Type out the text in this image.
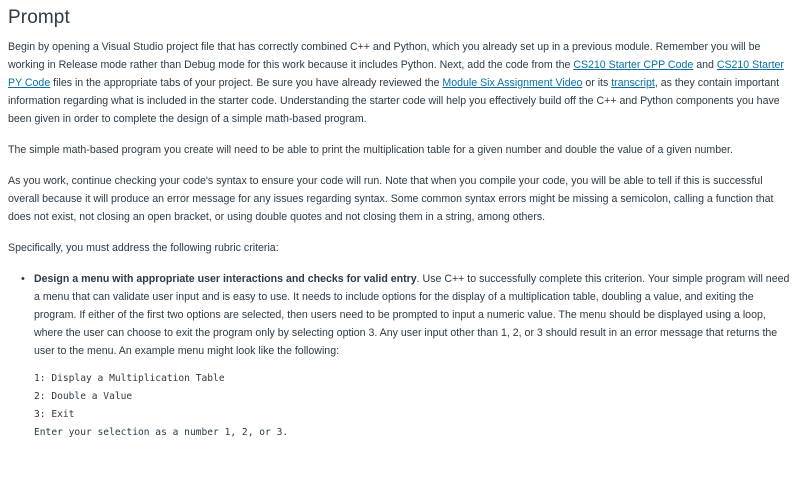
Prompt

Begin by opening a Visual Studio project file that has correctly combined C++ and Python, which you already set up in a previous module. Remember you will be working in Release mode rather than Debug mode for this work because it includes Python. Next, add the code from the CS210 Starter CPP Code and CS210 Starter PY Code files in the appropriate tabs of your project. Be sure you have already reviewed the Module Six Assignment Video or its transcript, as they contain important information regarding what is included in the starter code. Understanding the starter code will help you effectively build off the C++ and Python components you have been given in order to complete the design of a simple math-based program.

The simple math-based program you create will need to be able to print the multiplication table for a given number and double the value of a given number.

As you work, continue checking your code's syntax to ensure your code will run. Note that when you compile your code, you will be able to tell if this is successful overall because it will produce an error message for any issues regarding syntax. Some common syntax errors might be missing a semicolon, calling a function that does not exist, not closing an open bracket, or using double quotes and not closing them in a string, among others.

Specifically, you must address the following rubric criteria:

• Design a menu with appropriate user interactions and checks for valid entry. Use C++ to successfully complete this criterion. Your simple program will need a menu that can validate user input and is easy to use. It needs to include options for the display of a multiplication table, doubling a value, and exiting the program. If either of the first two options are selected, then users need to be prompted to input a numeric value. The menu should be displayed using a loop, where the user can choose to exit the program only by selecting option 3. Any user input other than 1, 2, or 3 should result in an error message that returns the user to the menu. An example menu might look like the following:
1: Display a Multiplication Table
2: Double a Value
3: Exit
Enter your selection as a number 1, 2, or 3.
